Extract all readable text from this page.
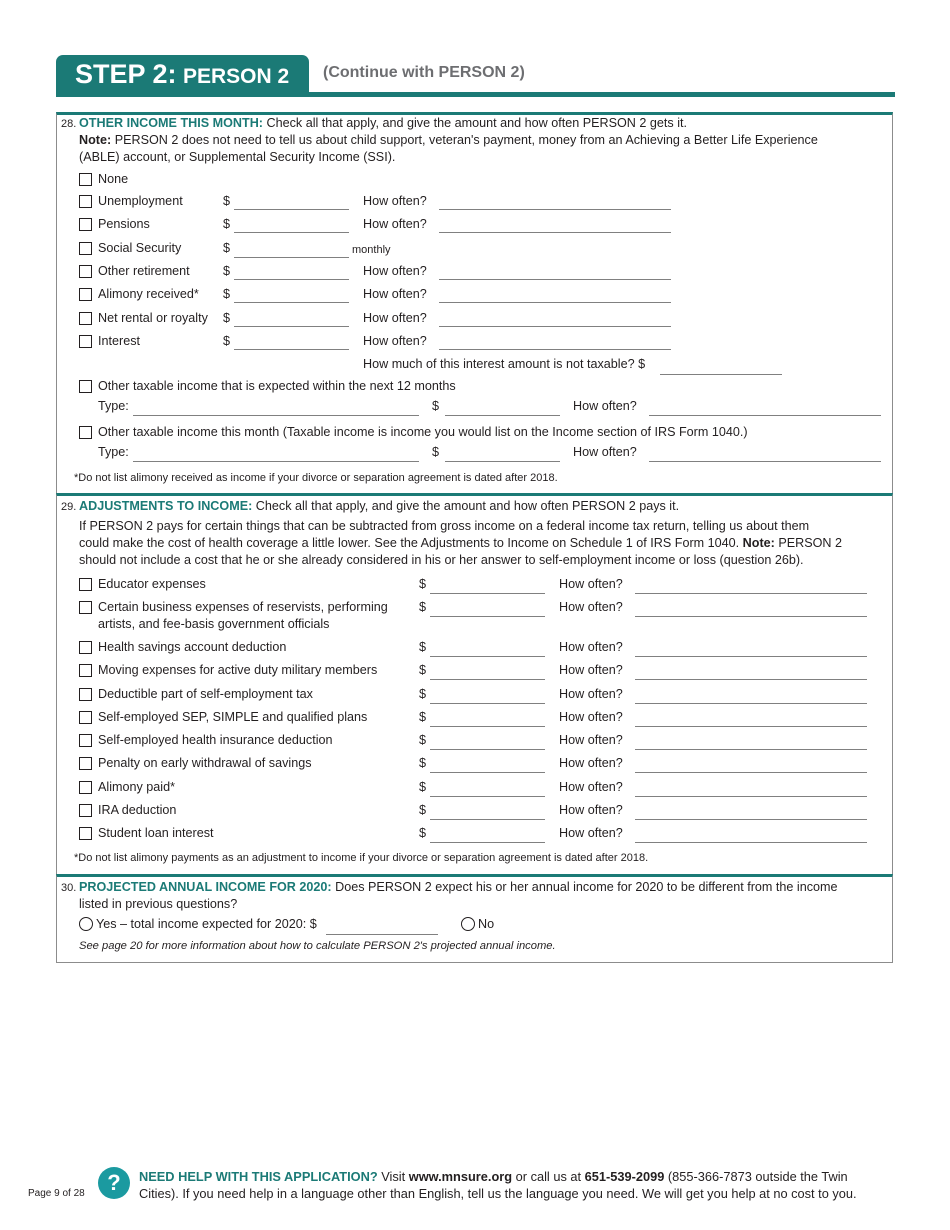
STEP 2: PERSON 2 (Continue with PERSON 2)
28. OTHER INCOME THIS MONTH: Check all that apply, and give the amount and how often PERSON 2 gets it.
Note: PERSON 2 does not need to tell us about child support, veteran's payment, money from an Achieving a Better Life Experience
(ABLE) account, or Supplemental Security Income (SSI).
None
Unemployment	$	How often?
Pensions	$	How often?
Social Security	$	monthly
Other retirement	$	How often?
Alimony received* $	How often?
Net rental or royalty $	How often?
Interest	$	How often?
How much of this interest amount is not taxable? $
Other taxable income that is expected within the next 12 months
Type:	$	How often?
Other taxable income this month (Taxable income is income you would list on the Income section of IRS Form 1040.)
Type:	$	How often?
*Do not list alimony received as income if your divorce or separation agreement is dated after 2018.
29. ADJUSTMENTS TO INCOME: Check all that apply, and give the amount and how often PERSON 2 pays it.
If PERSON 2 pays for certain things that can be subtracted from gross income on a federal income tax return, telling us about them
could make the cost of health coverage a little lower. See the Adjustments to Income on Schedule 1 of IRS Form 1040. Note: PERSON 2
should not include a cost that he or she already considered in his or her answer to self-employment income or loss (question 26b).
Educator expenses	$	How often?
Certain business expenses of reservists, performing
artists, and fee-basis government officials
$	How often?
Health savings account deduction	$	How often?
Moving expenses for active duty military members	$	How often?
Deductible part of self-employment tax	$	How often?
Self-employed SEP, SIMPLE and qualified plans	$	How often?
Self-employed health insurance deduction	$	How often?
Penalty on early withdrawal of savings	$	How often?
Alimony paid*	$	How often?
IRA deduction	$	How often?
Student loan interest	$	How often?
*Do not list alimony payments as an adjustment to income if your divorce or separation agreement is dated after 2018.
30. PROJECTED ANNUAL INCOME FOR 2020: Does PERSON 2 expect his or her annual income for 2020 to be different from the income
listed in previous questions?
Yes – total income expected for 2020: $	No
See page 20 for more information about how to calculate PERSON 2's projected annual income.
Page 9 of 28	?	NEED HELP WITH THIS APPLICATION? Visit www.mnsure.org or call us at 651-539-2099 (855-366-7873 outside the Twin
Cities). If you need help in a language other than English, tell us the language you need. We will get you help at no cost to you.
